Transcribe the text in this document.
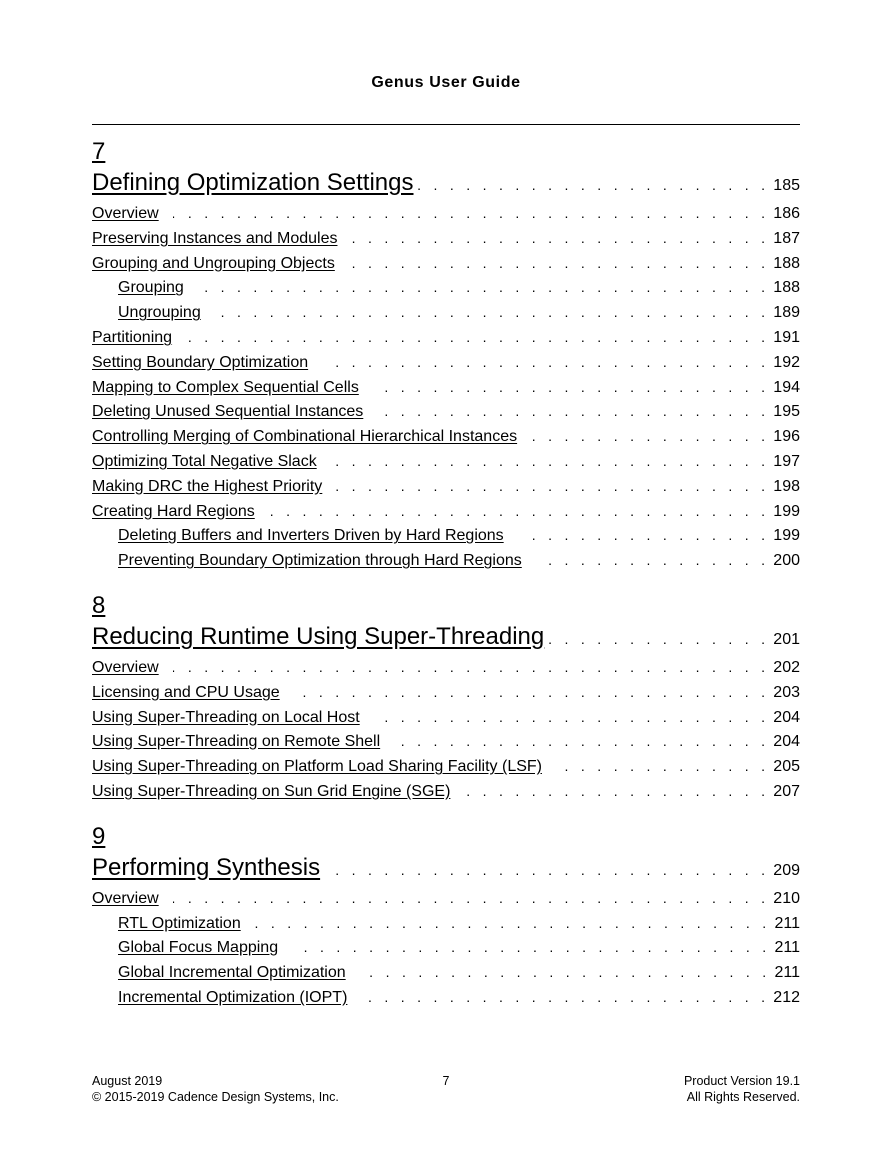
Genus User Guide
7
Defining Optimization Settings . . .	185
Overview . . .	186
Preserving Instances and Modules . . .	187
Grouping and Ungrouping Objects . . .	188
Grouping . . .	188
Ungrouping . . .	189
Partitioning . . .	191
Setting Boundary Optimization . . .	192
Mapping to Complex Sequential Cells . . .	194
Deleting Unused Sequential Instances . . .	195
Controlling Merging of Combinational Hierarchical Instances . . .	196
Optimizing Total Negative Slack . . .	197
Making DRC the Highest Priority . . .	198
Creating Hard Regions . . .	199
Deleting Buffers and Inverters Driven by Hard Regions . . .	199
Preventing Boundary Optimization through Hard Regions . . .	200
8
Reducing Runtime Using Super-Threading . . .	201
Overview . . .	202
Licensing and CPU Usage . . .	203
Using Super-Threading on Local Host . . .	204
Using Super-Threading on Remote Shell . . .	204
Using Super-Threading on Platform Load Sharing Facility (LSF) . . .	205
Using Super-Threading on Sun Grid Engine (SGE) . . .	207
9
Performing Synthesis . . .	209
Overview . . .	210
RTL Optimization . . .	211
Global Focus Mapping . . .	211
Global Incremental Optimization . . .	211
Incremental Optimization (IOPT) . . .	212
August 2019
© 2015-2019 Cadence Design Systems, Inc.
7	Product Version 19.1
All Rights Reserved.
